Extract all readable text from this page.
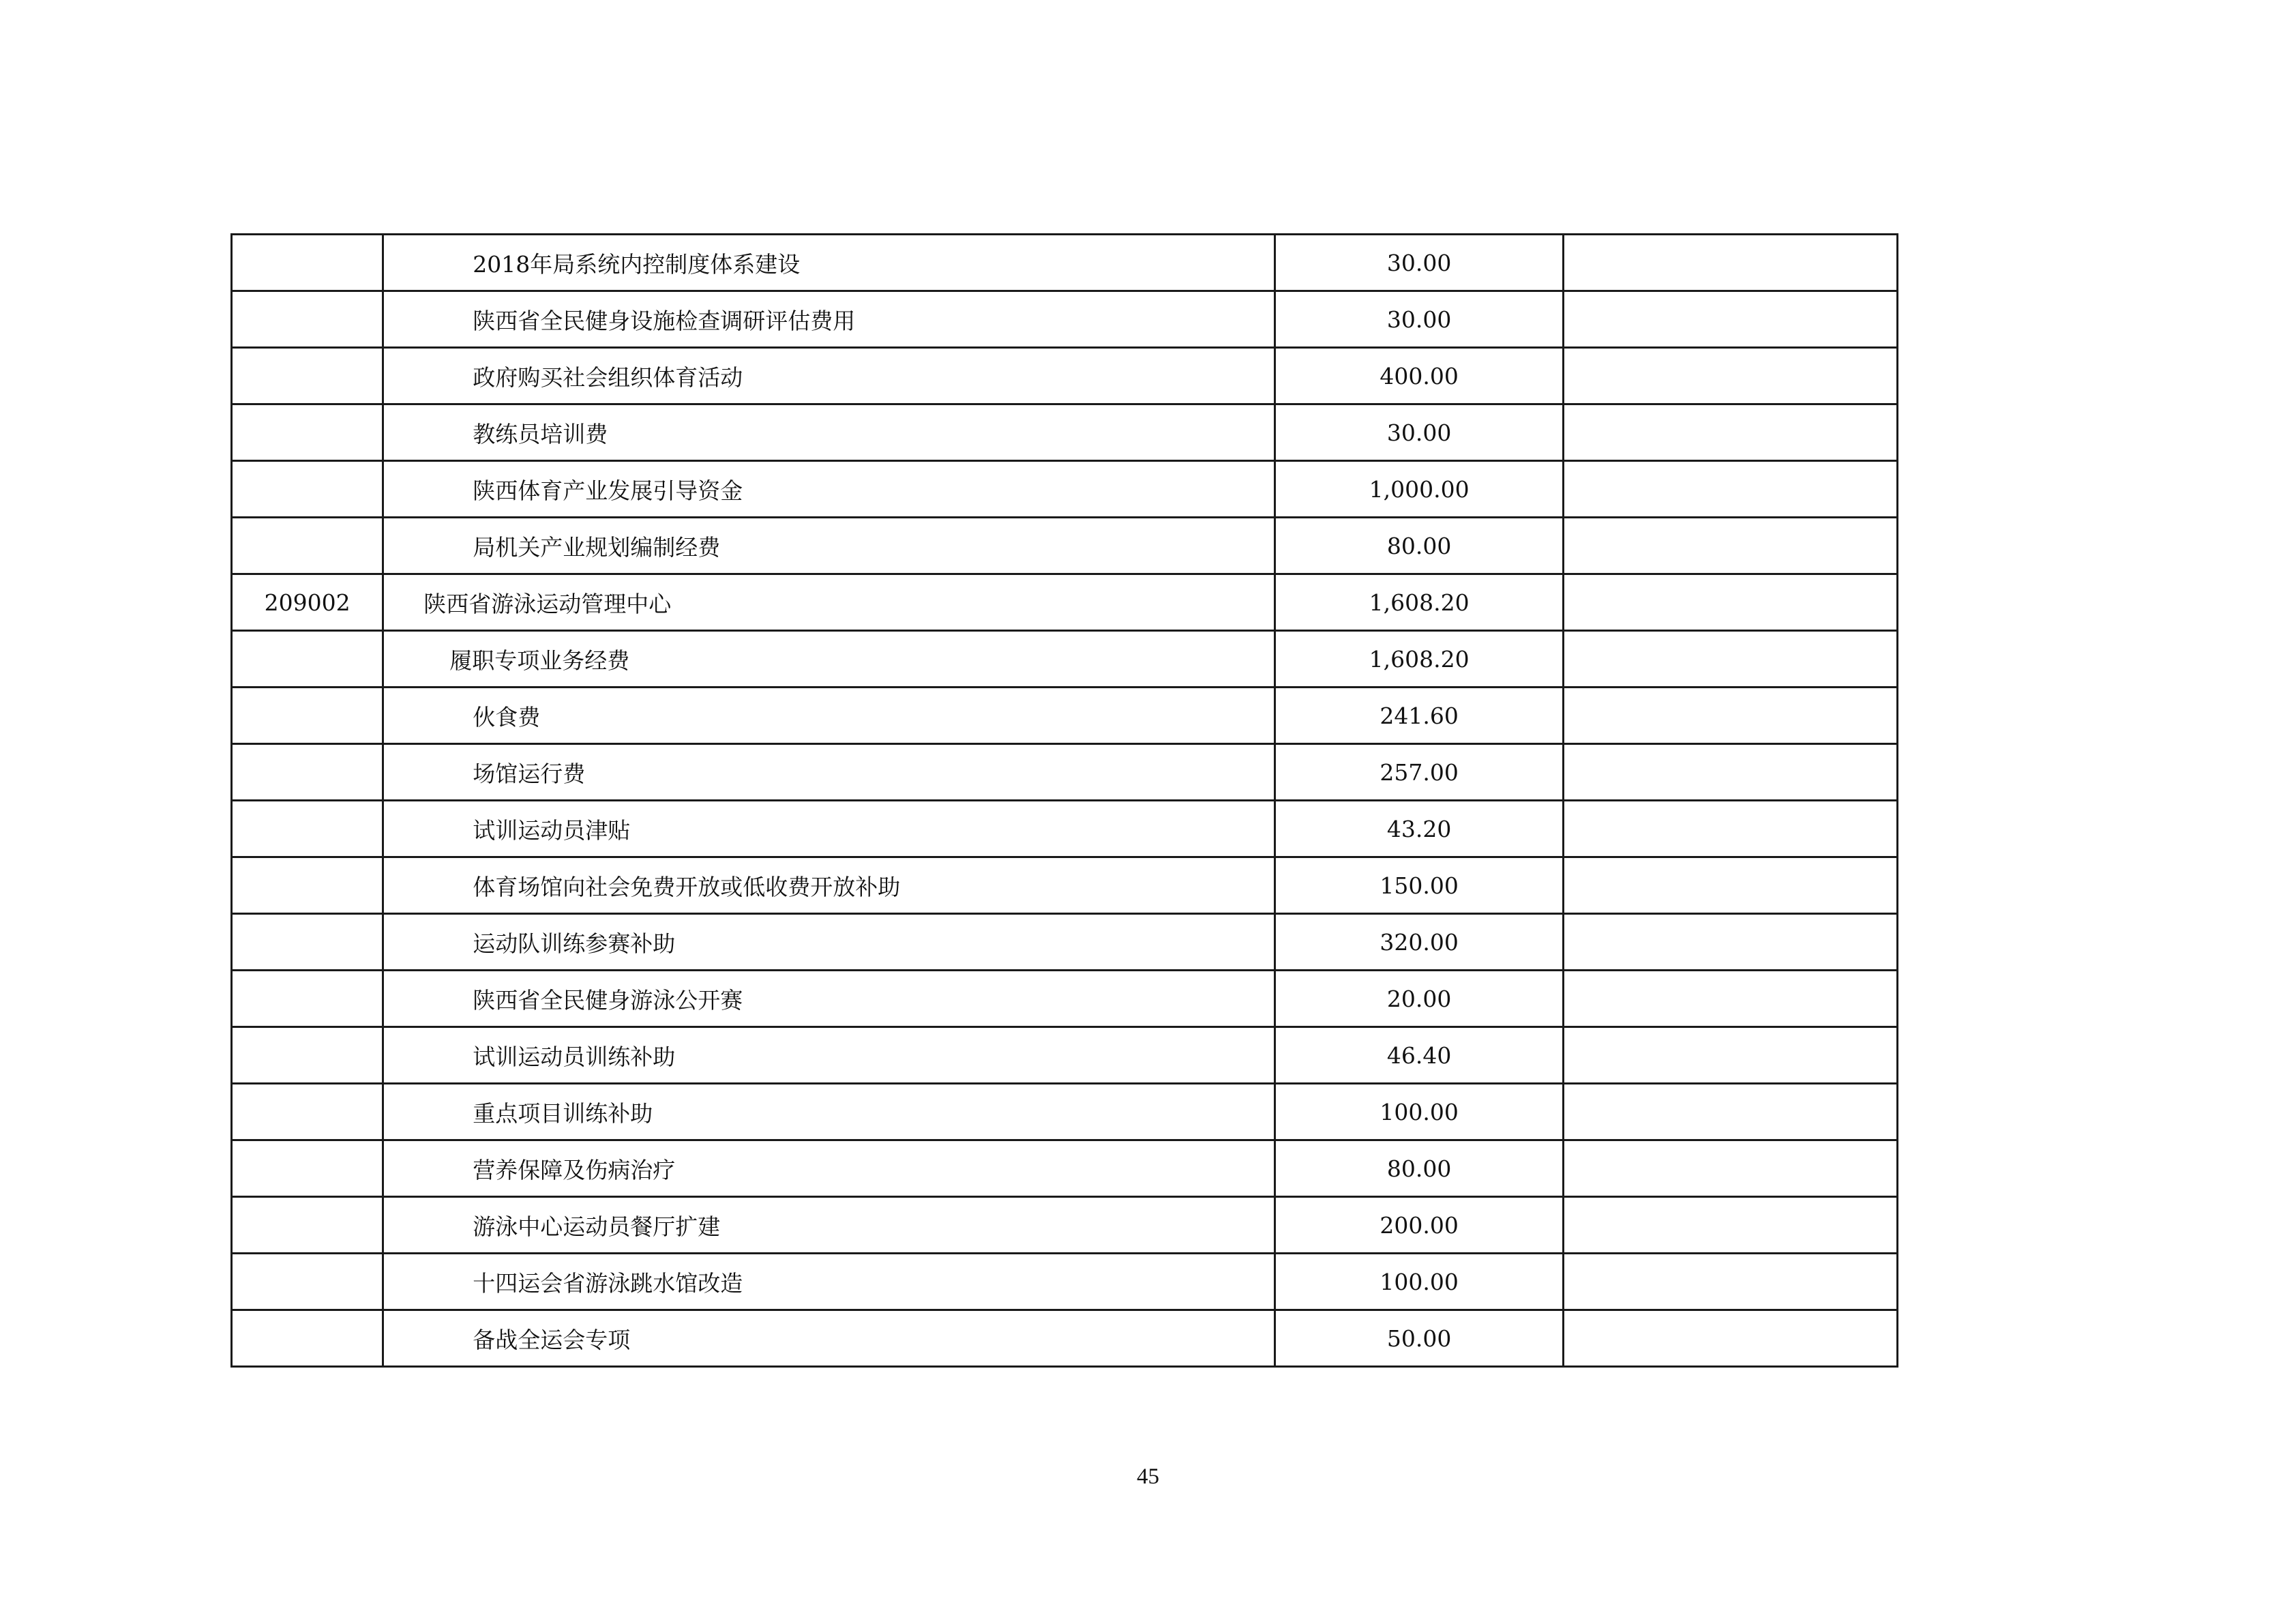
	2018年局系统内控制度体系建设	30.00	
	陕西省全民健身设施检查调研评估费用	30.00	
	政府购买社会组织体育活动	400.00	
	教练员培训费	30.00	
	陕西体育产业发展引导资金	1,000.00	
	局机关产业规划编制经费	80.00	
209002	陕西省游泳运动管理中心	1,608.20	
	履职专项业务经费	1,608.20	
	伙食费	241.60	
	场馆运行费	257.00	
	试训运动员津贴	43.20	
	体育场馆向社会免费开放或低收费开放补助	150.00	
	运动队训练参赛补助	320.00	
	陕西省全民健身游泳公开赛	20.00	
	试训运动员训练补助	46.40	
	重点项目训练补助	100.00	
	营养保障及伤病治疗	80.00	
	游泳中心运动员餐厅扩建	200.00	
	十四运会省游泳跳水馆改造	100.00	
	备战全运会专项	50.00	
45
